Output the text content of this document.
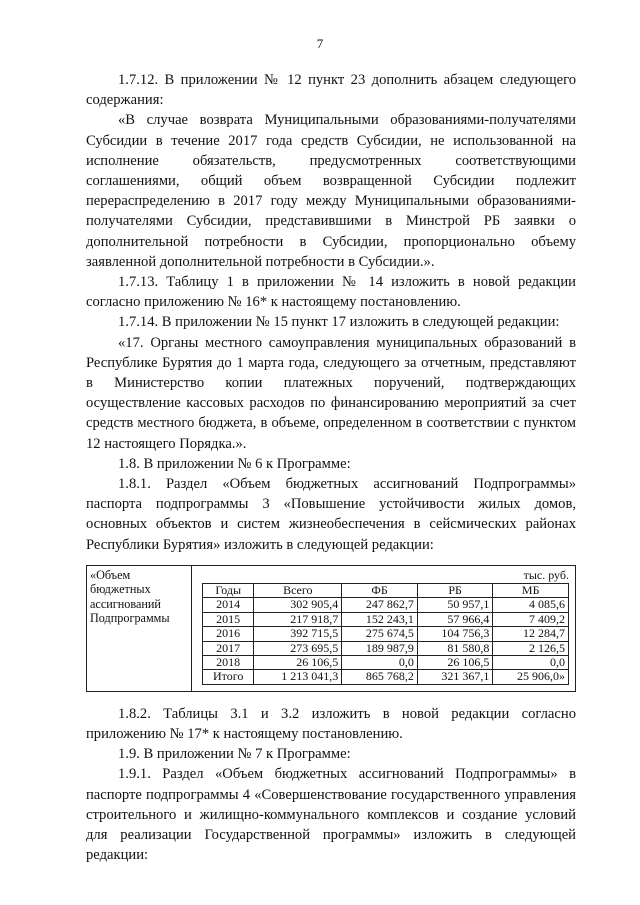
7

1.7.12. В приложении № 12 пункт 23 дополнить абзацем следующего содержания:

«В случае возврата Муниципальными образованиями-получателями Субсидии в течение 2017 года средств Субсидии, не использованной на исполнение обязательств, предусмотренных соответствующими соглашениями, общий объем возвращенной Субсидии подлежит перераспределению в 2017 году между Муниципальными образованиями-получателями Субсидии, представившими в Минстрой РБ заявки о дополнительной потребности в Субсидии, пропорционально объему заявленной дополнительной потребности в Субсидии.».

1.7.13. Таблицу 1 в приложении № 14 изложить в новой редакции согласно приложению № 16* к настоящему постановлению.

1.7.14. В приложении № 15 пункт 17 изложить в следующей редакции:

«17. Органы местного самоуправления муниципальных образований в Республике Бурятия до 1 марта года, следующего за отчетным, представляют в Министерство копии платежных поручений, подтверждающих осуществление кассовых расходов по финансированию мероприятий за счет средств местного бюджета, в объеме, определенном в соответствии с пунктом 12 настоящего Порядка.».

1.8. В приложении № 6 к Программе:

1.8.1. Раздел «Объем бюджетных ассигнований Подпрограммы» паспорта подпрограммы 3 «Повышение устойчивости жилых домов, основных объектов и систем жизнеобеспечения в сейсмических районах Республики Бурятия» изложить в следующей редакции:

«Объем бюджетных ассигнований Подпрограммы	
тыс. руб.
Годы	Всего	ФБ	РБ	МБ
2014	302 905,4	247 862,7	50 957,1	4 085,6
2015	217 918,7	152 243,1	57 966,4	7 409,2
2016	392 715,5	275 674,5	104 756,3	12 284,7
2017	273 695,5	189 987,9	81 580,8	2 126,5
2018	26 106,5	0,0	26 106,5	0,0
Итого	1 213 041,3	865 768,2	321 367,1	25 906,0»

1.8.2. Таблицы 3.1 и 3.2 изложить в новой редакции согласно приложению № 17* к настоящему постановлению.

1.9. В приложении № 7 к Программе:

1.9.1. Раздел «Объем бюджетных ассигнований Подпрограммы» в паспорте подпрограммы 4 «Совершенствование государственного управления строительного и жилищно-коммунального комплексов и создание условий для реализации Государственной программы» изложить в следующей редакции:
